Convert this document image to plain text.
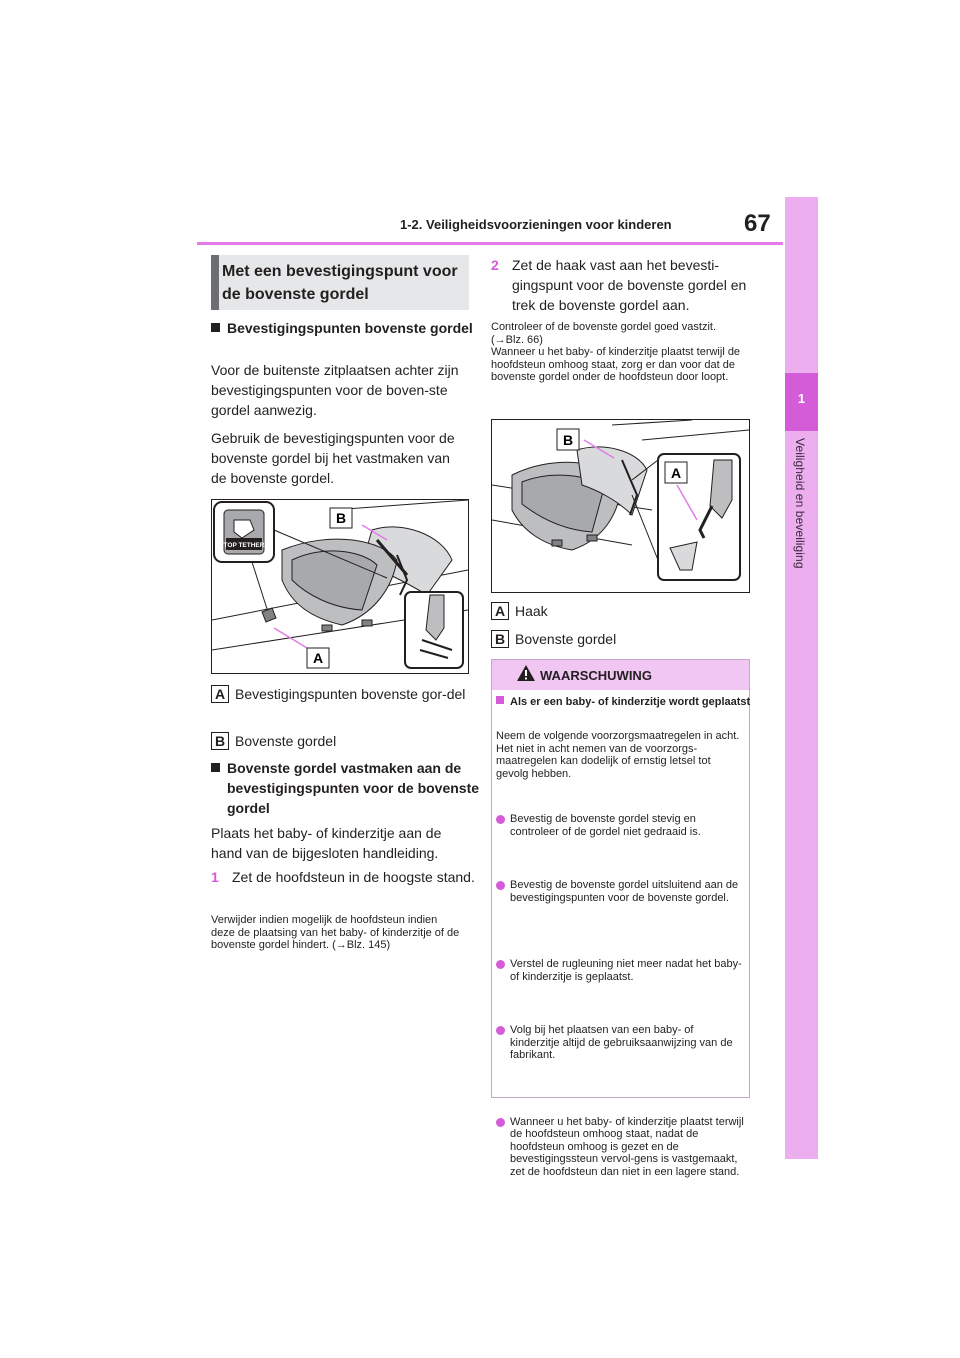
1-2. Veiligheidsvoorzieningen voor kinderen	67
1
Veiligheid en beveiliging
Met een bevestigingspunt voor de bovenste gordel
Bevestigingspunten bovenste gordel
Voor de buitenste zitplaatsen achter zijn bevestigingspunten voor de boven-ste gordel aanwezig.
Gebruik de bevestigingspunten voor de bovenste gordel bij het vastmaken van de bovenste gordel.
TOP TETHER
B
A
A Bevestigingspunten bovenste gor-del
B Bovenste gordel
Bovenste gordel vastmaken aan de bevestigingspunten voor de bovenste gordel
Plaats het baby- of kinderzitje aan de hand van de bijgesloten handleiding.
1 Zet de hoofdsteun in de hoogste stand.
Verwijder indien mogelijk de hoofdsteun indien deze de plaatsing van het baby- of kinderzitje of de bovenste gordel hindert. (→Blz. 145)
2 Zet de haak vast aan het bevesti-gingspunt voor de bovenste gordel en trek de bovenste gordel aan.
Controleer of de bovenste gordel goed vastzit. (→Blz. 66)
Wanneer u het baby- of kinderzitje plaatst terwijl de hoofdsteun omhoog staat, zorg er dan voor dat de bovenste gordel onder de hoofdsteun door loopt.
B
A
A Haak
B Bovenste gordel
WAARSCHUWING
Als er een baby- of kinderzitje wordt geplaatst
Neem de volgende voorzorgsmaatregelen in acht.
Het niet in acht nemen van de voorzorgs-maatregelen kan dodelijk of ernstig letsel tot gevolg hebben.
Bevestig de bovenste gordel stevig en controleer of de gordel niet gedraaid is.
Bevestig de bovenste gordel uitsluitend aan de bevestigingspunten voor de bovenste gordel.
Verstel de rugleuning niet meer nadat het baby- of kinderzitje is geplaatst.
Volg bij het plaatsen van een baby- of kinderzitje altijd de gebruiksaanwijzing van de fabrikant.
Wanneer u het baby- of kinderzitje plaatst terwijl de hoofdsteun omhoog staat, nadat de hoofdsteun omhoog is gezet en de bevestigingssteun vervol-gens is vastgemaakt, zet de hoofdsteun dan niet in een lagere stand.
